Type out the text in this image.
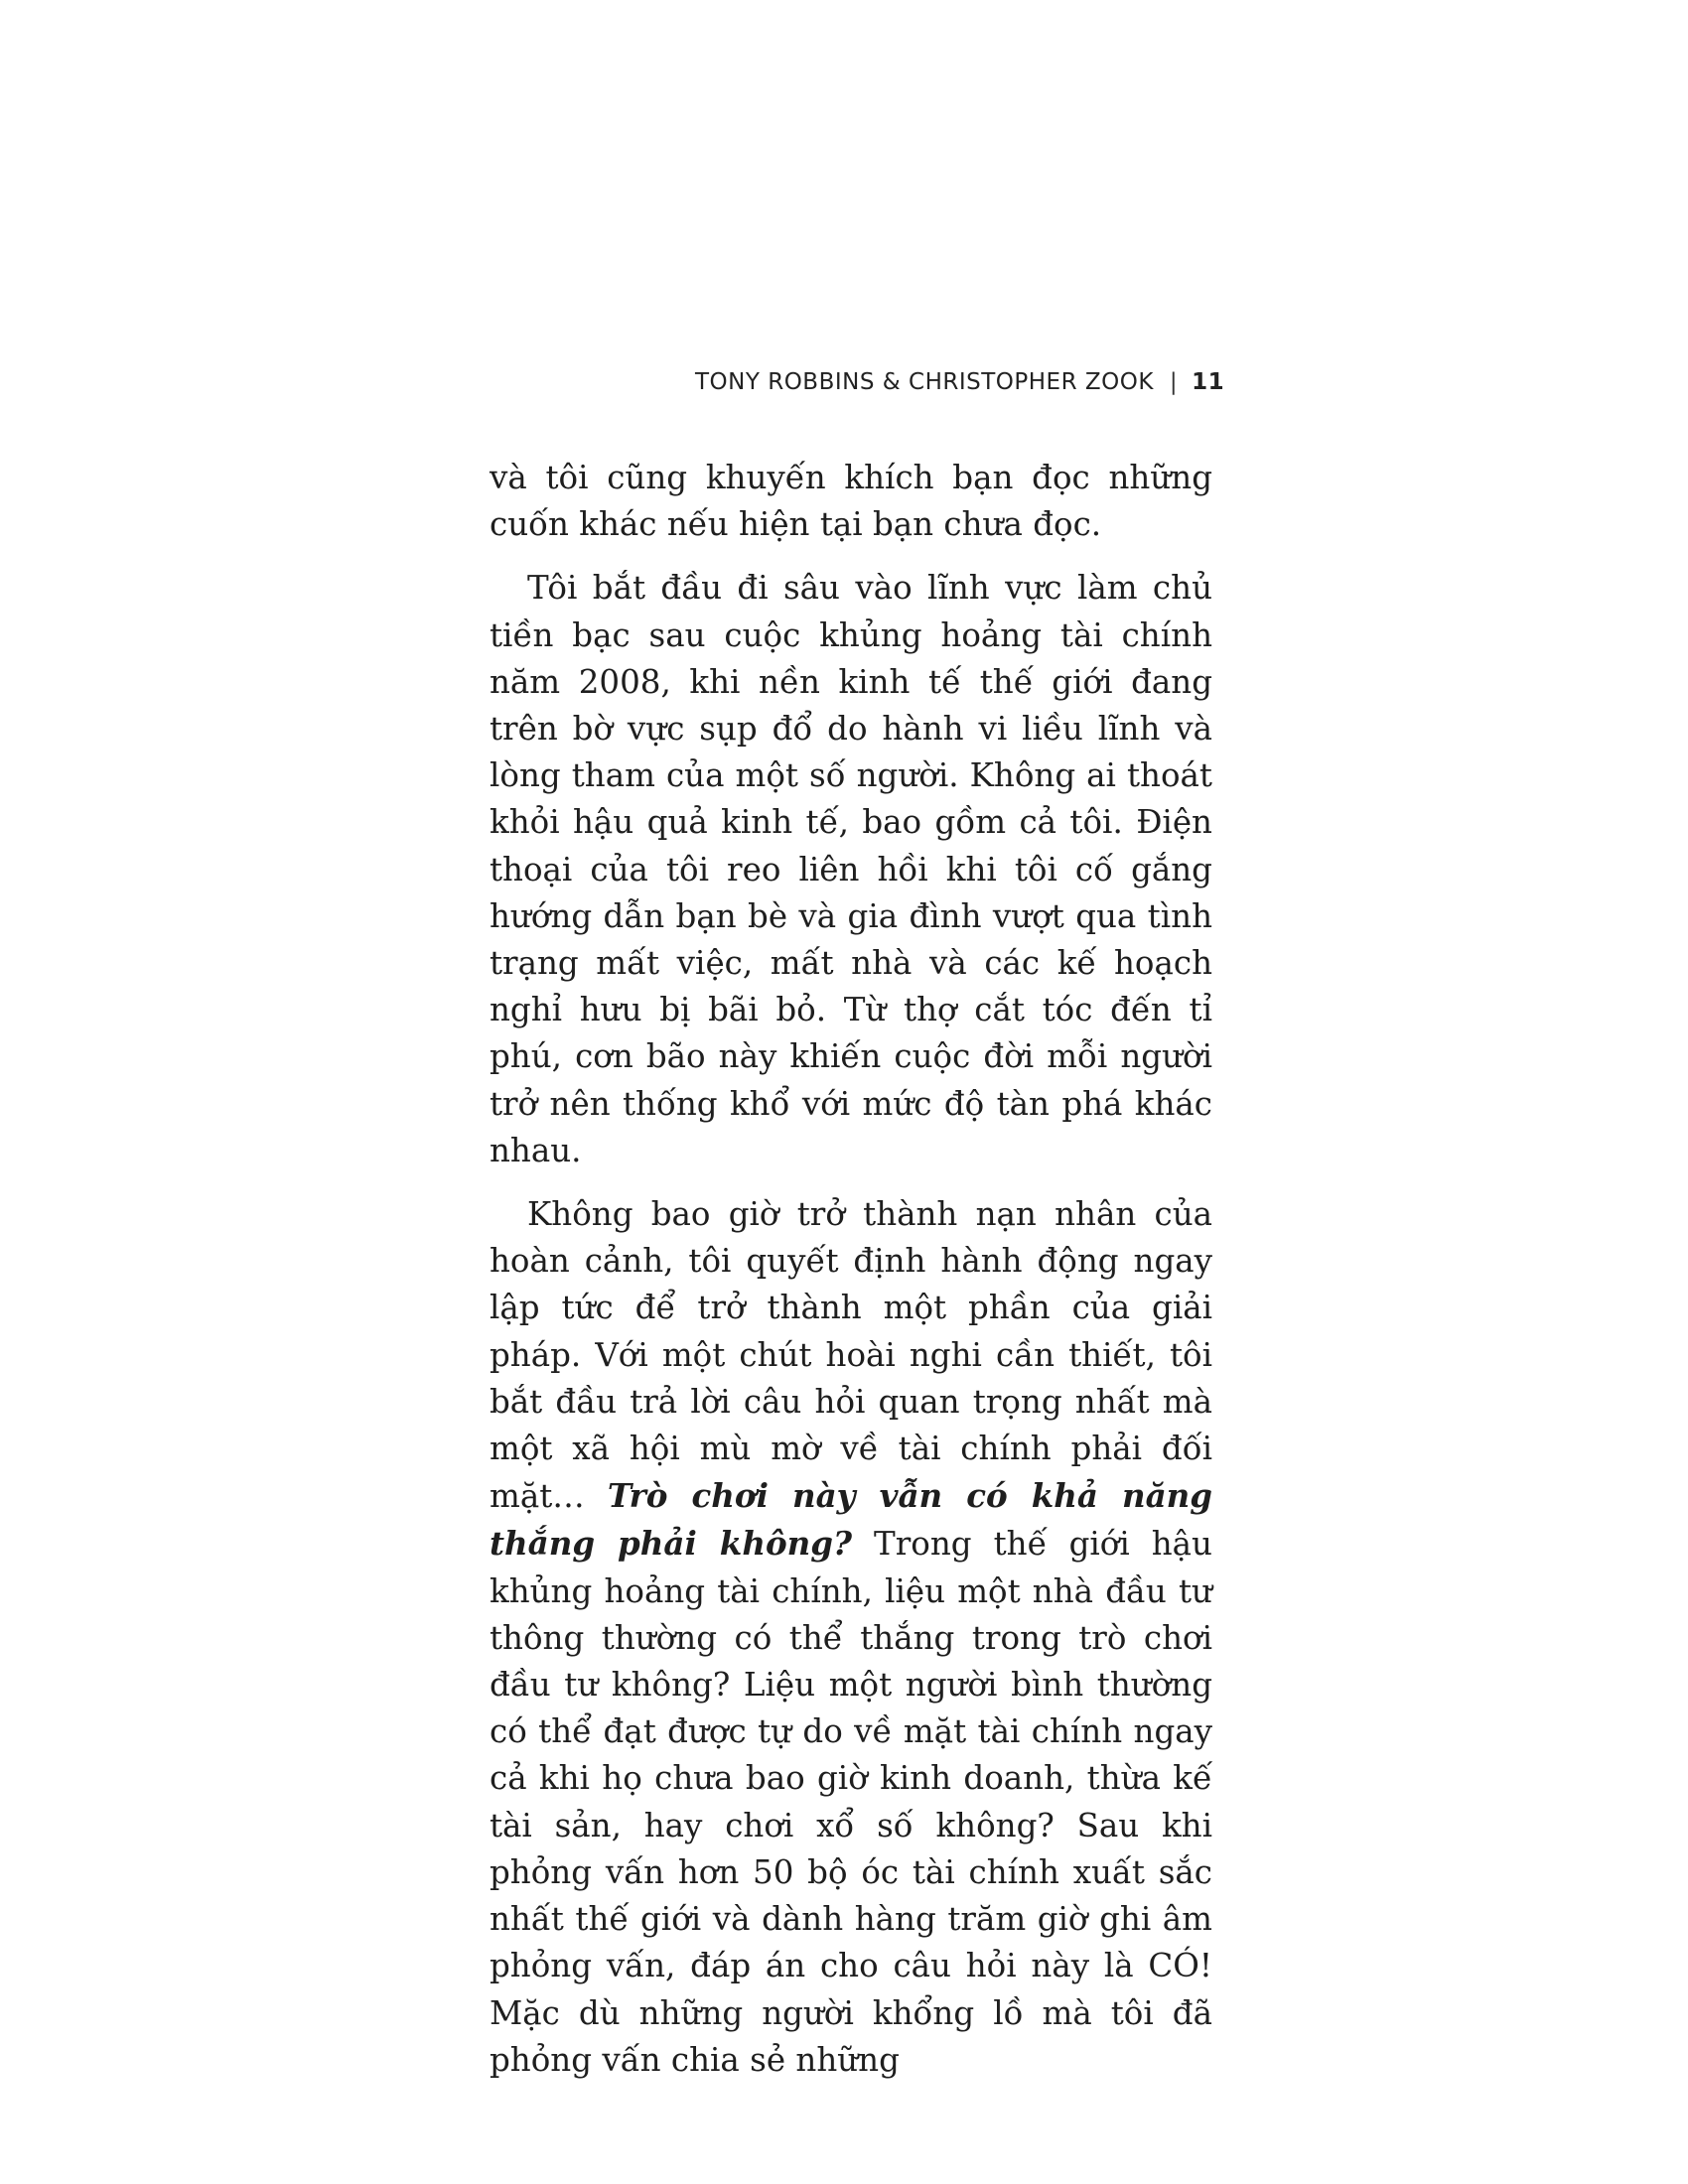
TONY ROBBINS & CHRISTOPHER ZOOK | 11

và tôi cũng khuyến khích bạn đọc những cuốn khác nếu hiện tại bạn chưa đọc.

Tôi bắt đầu đi sâu vào lĩnh vực làm chủ tiền bạc sau cuộc khủng hoảng tài chính năm 2008, khi nền kinh tế thế giới đang trên bờ vực sụp đổ do hành vi liều lĩnh và lòng tham của một số người. Không ai thoát khỏi hậu quả kinh tế, bao gồm cả tôi. Điện thoại của tôi reo liên hồi khi tôi cố gắng hướng dẫn bạn bè và gia đình vượt qua tình trạng mất việc, mất nhà và các kế hoạch nghỉ hưu bị bãi bỏ. Từ thợ cắt tóc đến tỉ phú, cơn bão này khiến cuộc đời mỗi người trở nên thống khổ với mức độ tàn phá khác nhau.

Không bao giờ trở thành nạn nhân của hoàn cảnh, tôi quyết định hành động ngay lập tức để trở thành một phần của giải pháp. Với một chút hoài nghi cần thiết, tôi bắt đầu trả lời câu hỏi quan trọng nhất mà một xã hội mù mờ về tài chính phải đối mặt… Trò chơi này vẫn có khả năng thắng phải không? Trong thế giới hậu khủng hoảng tài chính, liệu một nhà đầu tư thông thường có thể thắng trong trò chơi đầu tư không? Liệu một người bình thường có thể đạt được tự do về mặt tài chính ngay cả khi họ chưa bao giờ kinh doanh, thừa kế tài sản, hay chơi xổ số không? Sau khi phỏng vấn hơn 50 bộ óc tài chính xuất sắc nhất thế giới và dành hàng trăm giờ ghi âm phỏng vấn, đáp án cho câu hỏi này là CÓ! Mặc dù những người khổng lồ mà tôi đã phỏng vấn chia sẻ những
